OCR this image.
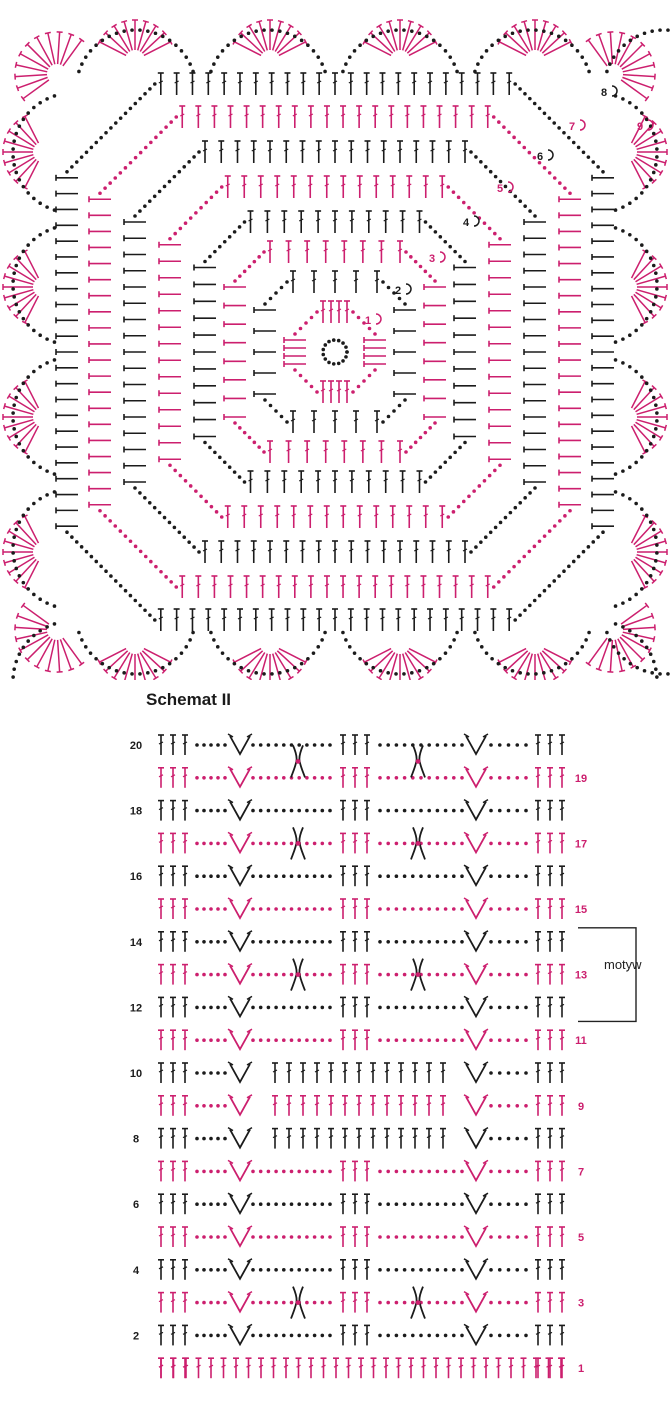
1
2
3
4
5
6
7
8
9
Schemat II
2
4
6
8
10
12
14
16
18
20
1
3
5
7
9
11
13
15
17
19
motyw
